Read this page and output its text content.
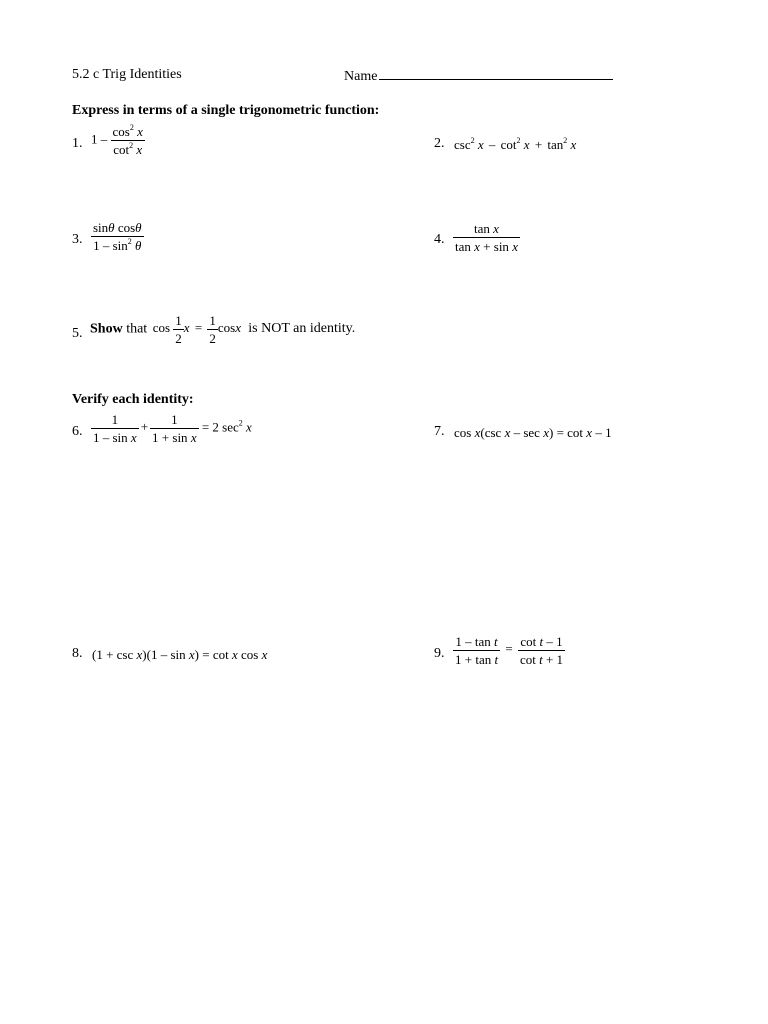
5.2 c Trig Identities	Name
Express in terms of a single trigonometric function:
1. $1 - \frac{\cos^2 x}{\cot^2 x}$	2. $\csc^2 x - \cot^2 x + \tan^2 x$
3. $\frac{\text{sinθ cosθ}}{1 - \sin^2 \theta}$	4. $\frac{\text{tan x}}{\text{tan x + sin x}}$
5. Show that $\cos \frac{1}{2}$ $x = \frac{1}{2}$ cosx is NOT an identity.
Verify each identity:
6. $\frac{1}{\text{1 – sin x}} + \frac{1}{\text{1 + sin x}} = 2$ $\sec^2 x$	7. cos x(csc x – sec x) = cot x – 1
8. (1 + csc x)(1 – sin x) = cot x cos x	9. $\frac{\text{1 – tan t}}{\text{1 + tan t}} = \frac{\text{cot t – 1}}{\text{cot t + 1}}$
